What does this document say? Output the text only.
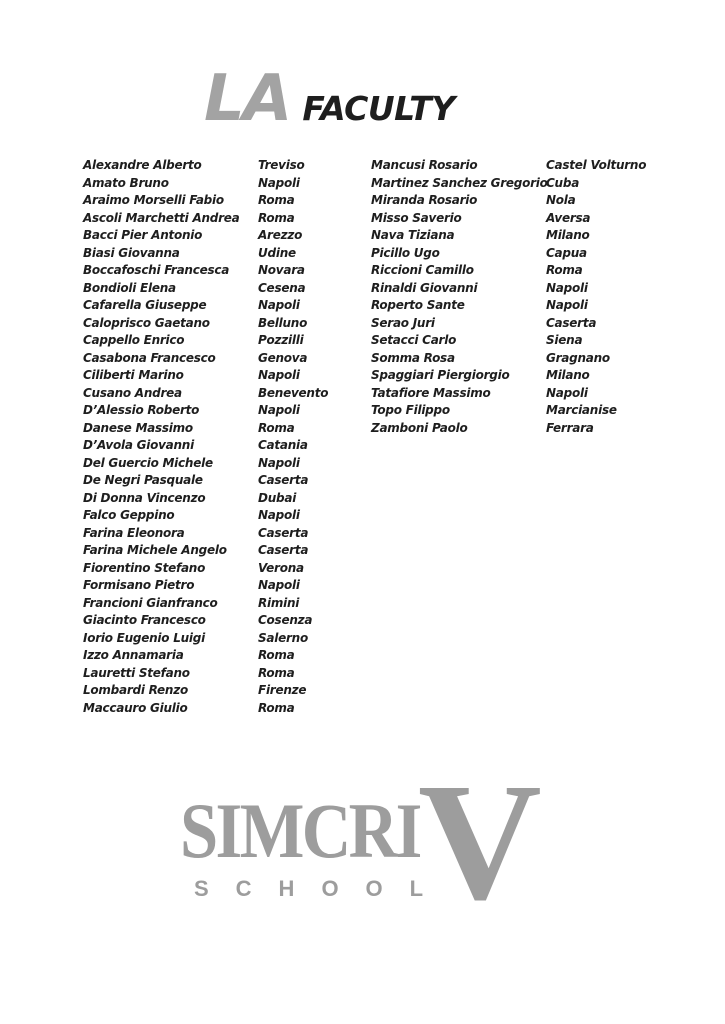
LA FACULTY
Alexandre Alberto
Amato Bruno
Araimo Morselli Fabio
Ascoli Marchetti Andrea
Bacci Pier Antonio
Biasi Giovanna
Boccafoschi Francesca
Bondioli Elena
Cafarella Giuseppe
Caloprisco Gaetano
Cappello Enrico
Casabona Francesco
Ciliberti Marino
Cusano Andrea
D’Alessio Roberto
Danese Massimo
D’Avola Giovanni
Del Guercio Michele
De Negri Pasquale
Di Donna Vincenzo
Falco Geppino
Farina Eleonora
Farina Michele Angelo
Fiorentino Stefano
Formisano Pietro
Francioni Gianfranco
Giacinto Francesco
Iorio Eugenio Luigi
Izzo Annamaria
Lauretti Stefano
Lombardi Renzo
Maccauro Giulio
Treviso
Napoli
Roma
Roma
Arezzo
Udine
Novara
Cesena
Napoli
Belluno
Pozzilli
Genova
Napoli
Benevento
Napoli
Roma
Catania
Napoli
Caserta
Dubai
Napoli
Caserta
Caserta
Verona
Napoli
Rimini
Cosenza
Salerno
Roma
Roma
Firenze
Roma
Mancusi Rosario
Martinez Sanchez Gregorio
Miranda Rosario
Misso Saverio
Nava Tiziana
Picillo Ugo
Riccioni Camillo
Rinaldi Giovanni
Roperto Sante
Serao Juri
Setacci Carlo
Somma Rosa
Spaggiari Piergiorgio
Tatafiore Massimo
Topo Filippo
Zamboni Paolo
Castel Volturno
Cuba
Nola
Aversa
Milano
Capua
Roma
Napoli
Napoli
Caserta
Siena
Gragnano
Milano
Napoli
Marcianise
Ferrara
V
SIMCRI
SCHOOL
